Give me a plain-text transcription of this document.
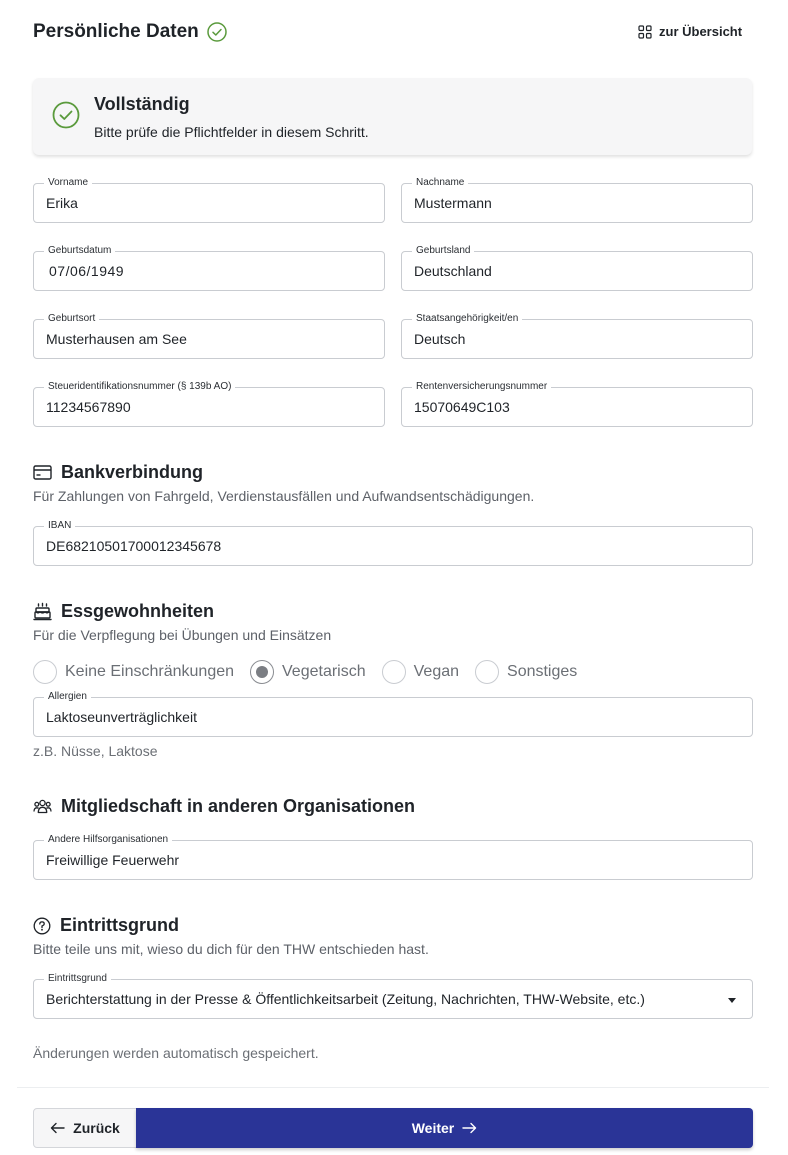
Persönliche Daten	zur Übersicht
Vollständig
Bitte prüfe die Pflichtfelder in diesem Schritt.
Vorname
Erika
Nachname
Mustermann
Geburtsdatum
07/06/1949
Geburtsland
Deutschland
Geburtsort
Musterhausen am See
Staatsangehörigkeit/en
Deutsch
Steueridentifikationsnummer (§ 139b AO)
11234567890
Rentenversicherungsnummer
15070649C103
Bankverbindung
Für Zahlungen von Fahrgeld, Verdienstausfällen und Aufwandsentschädigungen.
IBAN
DE68210501700012345678
Essgewohnheiten
Für die Verpflegung bei Übungen und Einsätzen
Keine Einschränkungen	Vegetarisch	Vegan	Sonstiges
Allergien
Laktoseunverträglichkeit
z.B. Nüsse, Laktose
Mitgliedschaft in anderen Organisationen
Andere Hilfsorganisationen
Freiwillige Feuerwehr
Eintrittsgrund
Bitte teile uns mit, wieso du dich für den THW entschieden hast.
Eintrittsgrund
Berichterstattung in der Presse & Öffentlichkeitsarbeit (Zeitung, Nachrichten, THW-Website, etc.)
Änderungen werden automatisch gespeichert.
Zurück	Weiter
